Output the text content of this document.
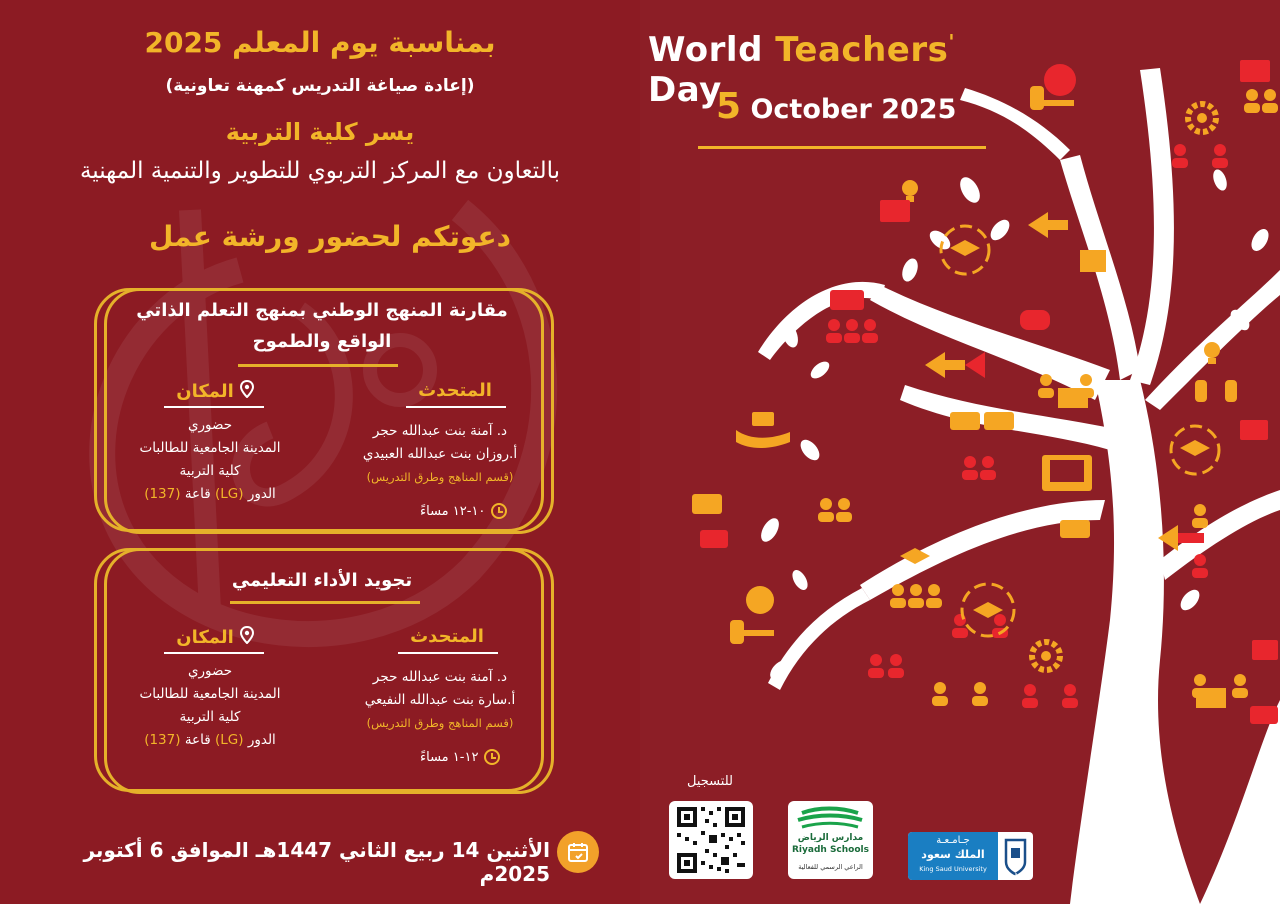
بمناسبة يوم المعلم 2025
(إعادة صياغة التدريس كمهنة تعاونية)
يسر كلية التربية
بالتعاون مع المركز التربوي للتطوير والتنمية المهنية
دعوتكم لحضور ورشة عمل
مقارنة المنهج الوطني بمنهج التعلم الذاتي
الواقع والطموح
المتحدث
د. آمنة بنت عبدالله حجر
أ.روزان بنت عبدالله العبيدي
(قسم المناهج وطرق التدريس)
١٠-١٢ مساءً
المكان
حضوري
المدينة الجامعية للطالبات
كلية التربية
الدور (LG) قاعة (137)
تجويد الأداء التعليمي
المتحدث
د. آمنة بنت عبدالله حجر
أ.سارة بنت عبدالله النفيعي
(قسم المناهج وطرق التدريس)
١٢-١ مساءً
المكان
حضوري
المدينة الجامعية للطالبات
كلية التربية
الدور (LG) قاعة (137)
الأثنين 14 ربيع الثاني 1447هـ الموافق 6 أكتوبر 2025م
World Teachers' Day
5 October 2025
للتسجيل
مدارس الرياض
Riyadh Schools
الراعي الرسمي للفعالية
جـامـعـة
الملك سعود
King Saud University
